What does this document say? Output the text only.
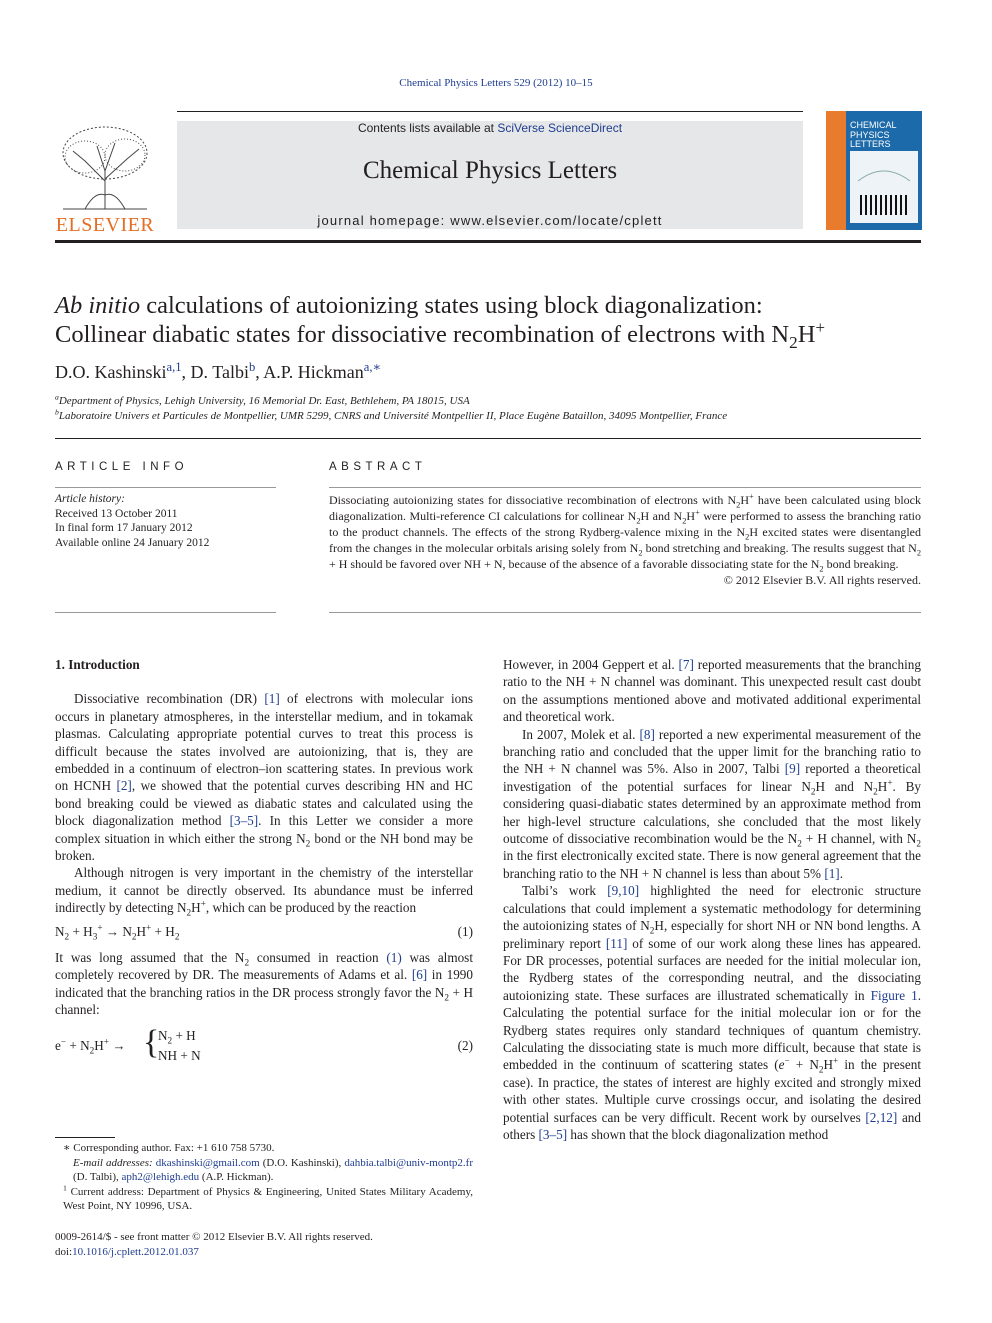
Chemical Physics Letters 529 (2012) 10–15
ELSEVIER
Contents lists available at SciVerse ScienceDirect
Chemical Physics Letters
journal homepage: www.elsevier.com/locate/cplett
CHEMICAL
PHYSICS
LETTERS
Ab initio calculations of autoionizing states using block diagonalization:
Collinear diabatic states for dissociative recombination of electrons with $N_2H^+$
D.O. Kashinski$^{a,1}$, D. Talbi$^b$, A.P. Hickman$^{a,∗}$
$^a$Department of Physics, Lehigh University, 16 Memorial Dr. East, Bethlehem, PA 18015, USA
$^b$Laboratoire Univers et Particules de Montpellier, UMR 5299, CNRS and Université Montpellier II, Place Eugène Bataillon, 34095 Montpellier, France
ARTICLE INFO
Article history:
Received 13 October 2011
In final form 17 January 2012
Available online 24 January 2012
ABSTRACT
Dissociating autoionizing states for dissociative recombination of electrons with $N_2H^+$ have been calculated using block diagonalization. Multi-reference CI calculations for collinear $N_2H$ and $N_2H^+$ were performed to assess the branching ratio to the product channels. The effects of the strong Rydberg-valence mixing in the $N_2H$ excited states were disentangled from the changes in the molecular orbitals arising solely from $N_2$ bond stretching and breaking. The results suggest that $N_2 + H$ should be favored over NH + N, because of the absence of a favorable dissociating state for the $N_2$ bond breaking.
© 2012 Elsevier B.V. All rights reserved.
1. Introduction

Dissociative recombination (DR) [1] of electrons with molecular ions occurs in planetary atmospheres, in the interstellar medium, and in tokamak plasmas. Calculating appropriate potential curves to treat this process is difficult because the states involved are autoionizing, that is, they are embedded in a continuum of electron–ion scattering states. In previous work on HCNH [2], we showed that the potential curves describing HN and HC bond breaking could be viewed as diabatic states and calculated using the block diagonalization method [3–5]. In this Letter we consider a more complex situation in which either the strong $N_2$ bond or the NH bond may be broken.

Although nitrogen is very important in the chemistry of the interstellar medium, it cannot be directly observed. Its abundance must be inferred indirectly by detecting $N_2H^+$, which can be produced by the reaction

$N_2 + H_3^+ \to N_2H^+ + H_2$	(1)

It was long assumed that the $N_2$ consumed in reaction (1) was almost completely recovered by DR. The measurements of Adams et al. [6] in 1990 indicated that the branching ratios in the DR process strongly favor the $N_2 + H$ channel:

$e^- + N_2H^+$ → {
$N_2 + H$
NH + N
(2)
∗ Corresponding author. Fax: +1 610 758 5730.
E-mail addresses: dkashinski@gmail.com (D.O. Kashinski), dahbia.talbi@univ-montp2.fr (D. Talbi), aph2@lehigh.edu (A.P. Hickman).
$^1$ Current address: Department of Physics & Engineering, United States Military Academy, West Point, NY 10996, USA.
0009-2614/$ - see front matter © 2012 Elsevier B.V. All rights reserved.
doi:10.1016/j.cplett.2012.01.037

However, in 2004 Geppert et al. [7] reported measurements that the branching ratio to the NH + N channel was dominant. This unexpected result cast doubt on the assumptions mentioned above and motivated additional experimental and theoretical work.

In 2007, Molek et al. [8] reported a new experimental measurement of the branching ratio and concluded that the upper limit for the branching ratio to the NH + N channel was 5%. Also in 2007, Talbi [9] reported a theoretical investigation of the potential surfaces for linear $N_2H$ and $N_2H^+$. By considering quasi-diabatic states determined by an approximate method from her high-level structure calculations, she concluded that the most likely outcome of dissociative recombination would be the $N_2 + H$ channel, with $N_2$ in the first electronically excited state. There is now general agreement that the branching ratio to the NH + N channel is less than about 5% [1].

Talbi’s work [9,10] highlighted the need for electronic structure calculations that could implement a systematic methodology for determining the autoionizing states of $N_2H$, especially for short NH or NN bond lengths. A preliminary report [11] of some of our work along these lines has appeared. For DR processes, potential surfaces are needed for the initial molecular ion, the Rydberg states of the corresponding neutral, and the dissociating autoionizing state. These surfaces are illustrated schematically in Figure 1. Calculating the potential surface for the initial molecular ion or for the Rydberg states requires only standard techniques of quantum chemistry. Calculating the dissociating state is much more difficult, because that state is embedded in the continuum of scattering states ($e^- + N_2H^+$ in the present case). In practice, the states of interest are highly excited and strongly mixed with other states. Multiple curve crossings occur, and isolating the desired potential surfaces can be very difficult. Recent work by ourselves [2,12] and others [3–5] has shown that the block diagonalization method
